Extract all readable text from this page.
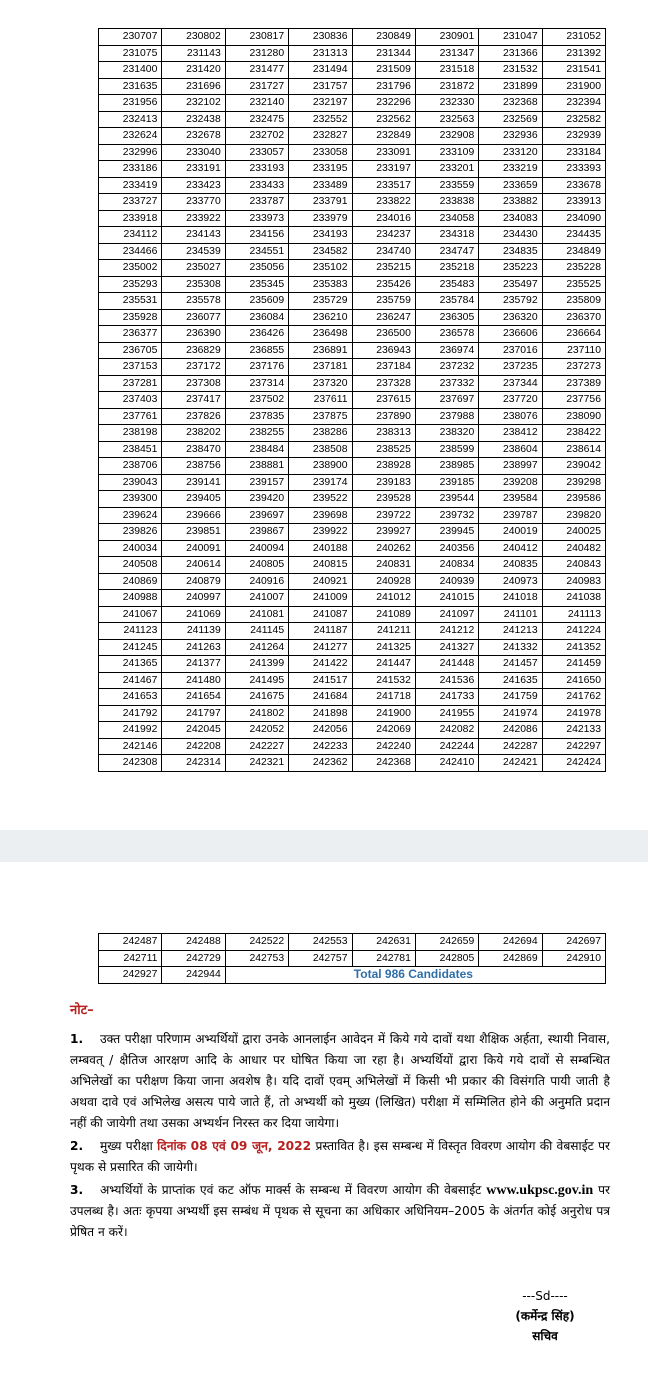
230707	230802	230817	230836	230849	230901	231047	231052
231075	231143	231280	231313	231344	231347	231366	231392
231400	231420	231477	231494	231509	231518	231532	231541
231635	231696	231727	231757	231796	231872	231899	231900
231956	232102	232140	232197	232296	232330	232368	232394
232413	232438	232475	232552	232562	232563	232569	232582
232624	232678	232702	232827	232849	232908	232936	232939
232996	233040	233057	233058	233091	233109	233120	233184
233186	233191	233193	233195	233197	233201	233219	233393
233419	233423	233433	233489	233517	233559	233659	233678
233727	233770	233787	233791	233822	233838	233882	233913
233918	233922	233973	233979	234016	234058	234083	234090
234112	234143	234156	234193	234237	234318	234430	234435
234466	234539	234551	234582	234740	234747	234835	234849
235002	235027	235056	235102	235215	235218	235223	235228
235293	235308	235345	235383	235426	235483	235497	235525
235531	235578	235609	235729	235759	235784	235792	235809
235928	236077	236084	236210	236247	236305	236320	236370
236377	236390	236426	236498	236500	236578	236606	236664
236705	236829	236855	236891	236943	236974	237016	237110
237153	237172	237176	237181	237184	237232	237235	237273
237281	237308	237314	237320	237328	237332	237344	237389
237403	237417	237502	237611	237615	237697	237720	237756
237761	237826	237835	237875	237890	237988	238076	238090
238198	238202	238255	238286	238313	238320	238412	238422
238451	238470	238484	238508	238525	238599	238604	238614
238706	238756	238881	238900	238928	238985	238997	239042
239043	239141	239157	239174	239183	239185	239208	239298
239300	239405	239420	239522	239528	239544	239584	239586
239624	239666	239697	239698	239722	239732	239787	239820
239826	239851	239867	239922	239927	239945	240019	240025
240034	240091	240094	240188	240262	240356	240412	240482
240508	240614	240805	240815	240831	240834	240835	240843
240869	240879	240916	240921	240928	240939	240973	240983
240988	240997	241007	241009	241012	241015	241018	241038
241067	241069	241081	241087	241089	241097	241101	241113
241123	241139	241145	241187	241211	241212	241213	241224
241245	241263	241264	241277	241325	241327	241332	241352
241365	241377	241399	241422	241447	241448	241457	241459
241467	241480	241495	241517	241532	241536	241635	241650
241653	241654	241675	241684	241718	241733	241759	241762
241792	241797	241802	241898	241900	241955	241974	241978
241992	242045	242052	242056	242069	242082	242086	242133
242146	242208	242227	242233	242240	242244	242287	242297
242308	242314	242321	242362	242368	242410	242421	242424
242487	242488	242522	242553	242631	242659	242694	242697
242711	242729	242753	242757	242781	242805	242869	242910
242927	242944	Total 986 Candidates					
नोट–

1. उक्त परीक्षा परिणाम अभ्यर्थियों द्वारा उनके आनलाईन आवेदन में किये गये दावों यथा शैक्षिक अर्हता, स्थायी निवास, लम्बवत् / क्षैतिज आरक्षण आदि के आधार पर घोषित किया जा रहा है। अभ्यर्थियों द्वारा किये गये दावों से सम्बन्धित अभिलेखों का परीक्षण किया जाना अवशेष है। यदि दावों एवम् अभिलेखों में किसी भी प्रकार की विसंगति पायी जाती है अथवा दावे एवं अभिलेख असत्य पाये जाते हैं, तो अभ्यर्थी को मुख्य (लिखित) परीक्षा में सम्मिलित होने की अनुमति प्रदान नहीं की जायेगी तथा उसका अभ्यर्थन निरस्त कर दिया जायेगा।

2. मुख्य परीक्षा दिनांक 08 एवं 09 जून, 2022 प्रस्तावित है। इस सम्बन्ध में विस्तृत विवरण आयोग की वेबसाईट पर पृथक से प्रसारित की जायेगी।

3. अभ्यर्थियों के प्राप्तांक एवं कट ऑफ मार्क्स के सम्बन्ध में विवरण आयोग की वेबसाईट www.ukpsc.gov.in पर उपलब्ध है। अतः कृपया अभ्यर्थी इस सम्बंध में पृथक से सूचना का अधिकार अधिनियम–2005 के अंतर्गत कोई अनुरोध पत्र प्रेषित न करें।

---Sd----
(कर्मेन्द्र सिंह)
सचिव
